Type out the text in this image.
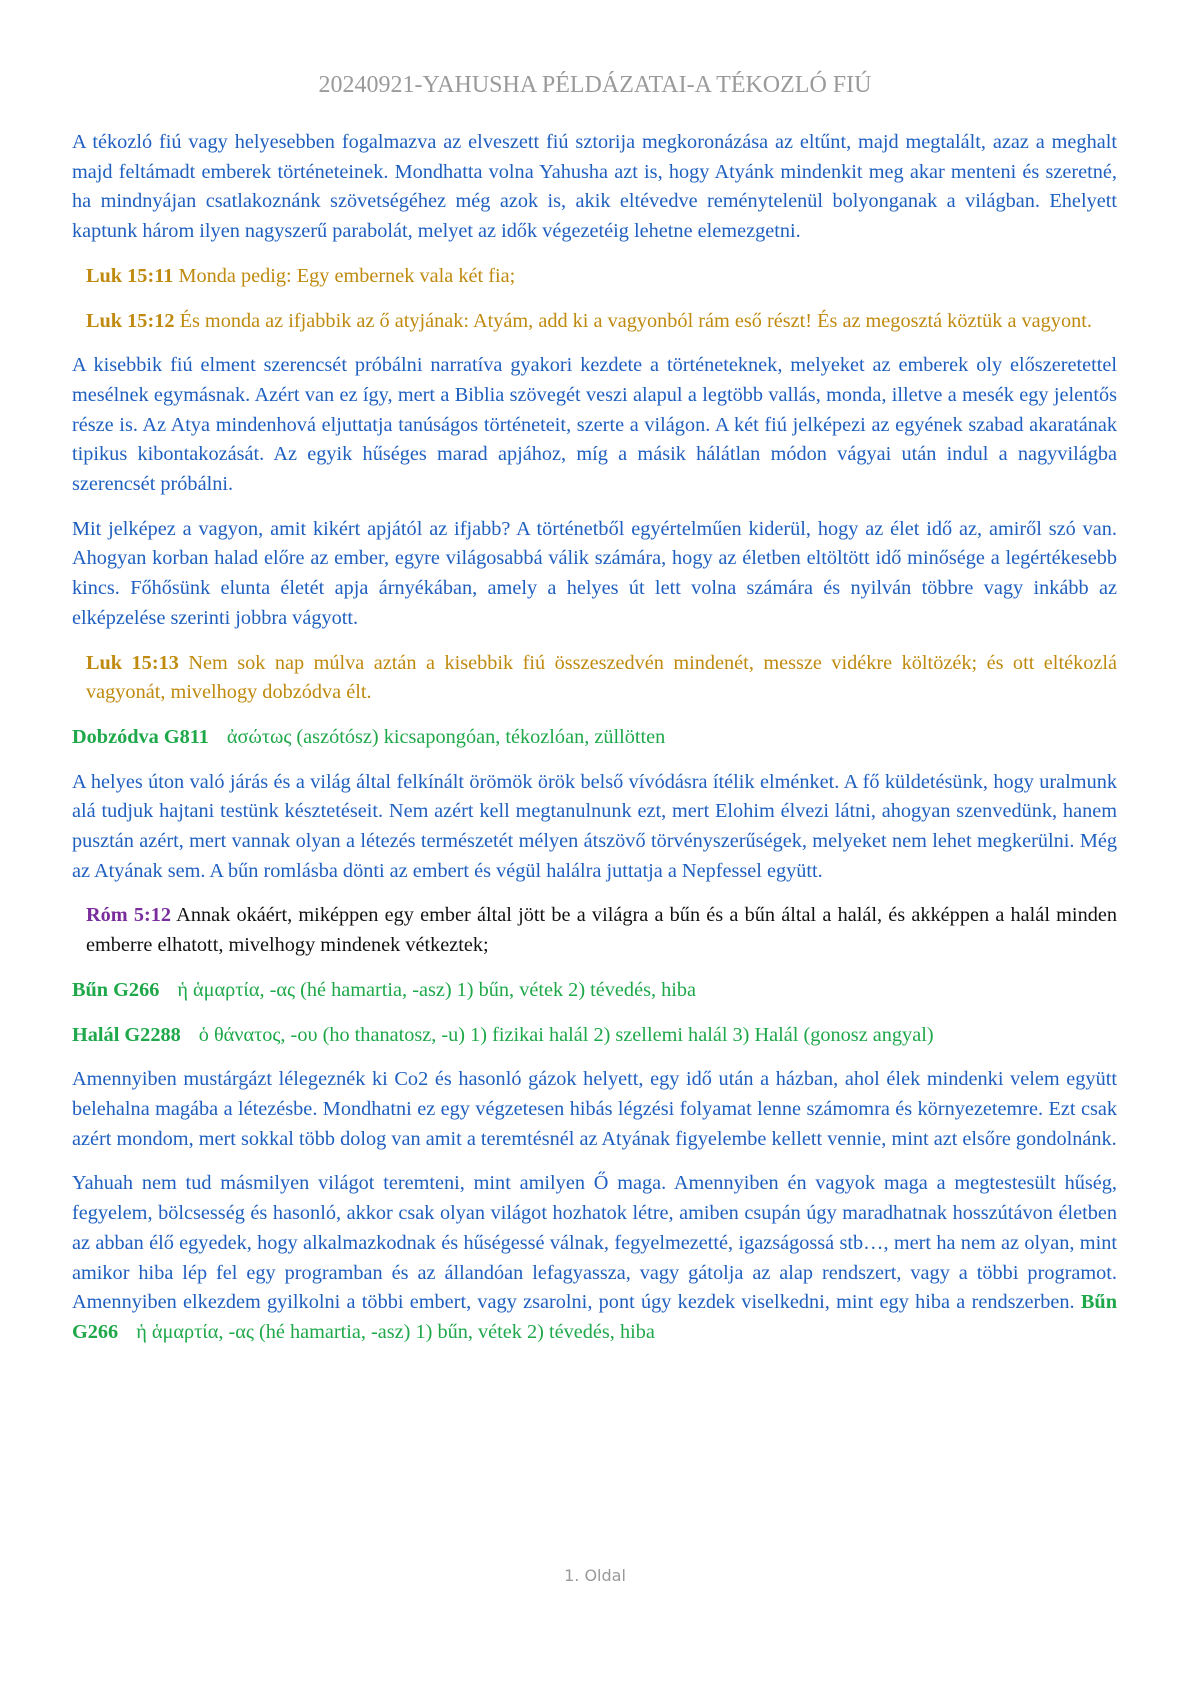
20240921-YAHUSHA PÉLDÁZATAI-A TÉKOZLÓ FIÚ

A tékozló fiú vagy helyesebben fogalmazva az elveszett fiú sztorija megkoronázása az eltűnt, majd megtalált, azaz a meghalt majd feltámadt emberek történeteinek. Mondhatta volna Yahusha azt is, hogy Atyánk mindenkit meg akar menteni és szeretné, ha mindnyájan csatlakoznánk szövetségéhez még azok is, akik eltévedve reménytelenül bolyonganak a világban. Ehelyett kaptunk három ilyen nagyszerű parabolát, melyet az idők végezetéig lehetne elemezgetni.

Luk 15:11 Monda pedig: Egy embernek vala két fia;

Luk 15:12 És monda az ifjabbik az ő atyjának: Atyám, add ki a vagyonból rám eső részt! És az megosztá köztük a vagyont.

A kisebbik fiú elment szerencsét próbálni narratíva gyakori kezdete a történeteknek, melyeket az emberek oly előszeretettel mesélnek egymásnak. Azért van ez így, mert a Biblia szövegét veszi alapul a legtöbb vallás, monda, illetve a mesék egy jelentős része is. Az Atya mindenhová eljuttatja tanúságos történeteit, szerte a világon. A két fiú jelképezi az egyének szabad akaratának tipikus kibontakozását. Az egyik hűséges marad apjához, míg a másik hálátlan módon vágyai után indul a nagyvilágba szerencsét próbálni.

Mit jelképez a vagyon, amit kikért apjától az ifjabb? A történetből egyértelműen kiderül, hogy az élet idő az, amiről szó van. Ahogyan korban halad előre az ember, egyre világosabbá válik számára, hogy az életben eltöltött idő minősége a legértékesebb kincs. Főhősünk elunta életét apja árnyékában, amely a helyes út lett volna számára és nyilván többre vagy inkább az elképzelése szerinti jobbra vágyott.

Luk 15:13 Nem sok nap múlva aztán a kisebbik fiú összeszedvén mindenét, messze vidékre költözék; és ott eltékozlá vagyonát, mivelhogy dobzódva élt.

Dobzódva G811 ἀσώτως (aszótósz) kicsapongóan, tékozlóan, züllötten

A helyes úton való járás és a világ által felkínált örömök örök belső vívódásra ítélik elménket. A fő küldetésünk, hogy uralmunk alá tudjuk hajtani testünk késztetéseit. Nem azért kell megtanulnunk ezt, mert Elohim élvezi látni, ahogyan szenvedünk, hanem pusztán azért, mert vannak olyan a létezés természetét mélyen átszövő törvényszerűségek, melyeket nem lehet megkerülni. Még az Atyának sem. A bűn romlásba dönti az embert és végül halálra juttatja a Nepfessel együtt.

Róm 5:12 Annak okáért, miképpen egy ember által jött be a világra a bűn és a bűn által a halál, és akképpen a halál minden emberre elhatott, mivelhogy mindenek vétkeztek;

Bűn G266 ἡ ἁμαρτία, -ας (hé hamartia, -asz) 1) bűn, vétek 2) tévedés, hiba

Halál G2288 ὁ θάνατος, -ου (ho thanatosz, -u) 1) fizikai halál 2) szellemi halál 3) Halál (gonosz angyal)

Amennyiben mustárgázt lélegeznék ki Co2 és hasonló gázok helyett, egy idő után a házban, ahol élek mindenki velem együtt belehalna magába a létezésbe. Mondhatni ez egy végzetesen hibás légzési folyamat lenne számomra és környezetemre. Ezt csak azért mondom, mert sokkal több dolog van amit a teremtésnél az Atyának figyelembe kellett vennie, mint azt elsőre gondolnánk.

Yahuah nem tud másmilyen világot teremteni, mint amilyen Ő maga. Amennyiben én vagyok maga a megtestesült hűség, fegyelem, bölcsesség és hasonló, akkor csak olyan világot hozhatok létre, amiben csupán úgy maradhatnak hosszútávon életben az abban élő egyedek, hogy alkalmazkodnak és hűségessé válnak, fegyelmezetté, igazságossá stb…, mert ha nem az olyan, mint amikor hiba lép fel egy programban és az állandóan lefagyassza, vagy gátolja az alap rendszert, vagy a többi programot. Amennyiben elkezdem gyilkolni a többi embert, vagy zsarolni, pont úgy kezdek viselkedni, mint egy hiba a rendszerben. Bűn G266 ἡ ἁμαρτία, -ας (hé hamartia, -asz) 1) bűn, vétek 2) tévedés, hiba

1. Oldal
